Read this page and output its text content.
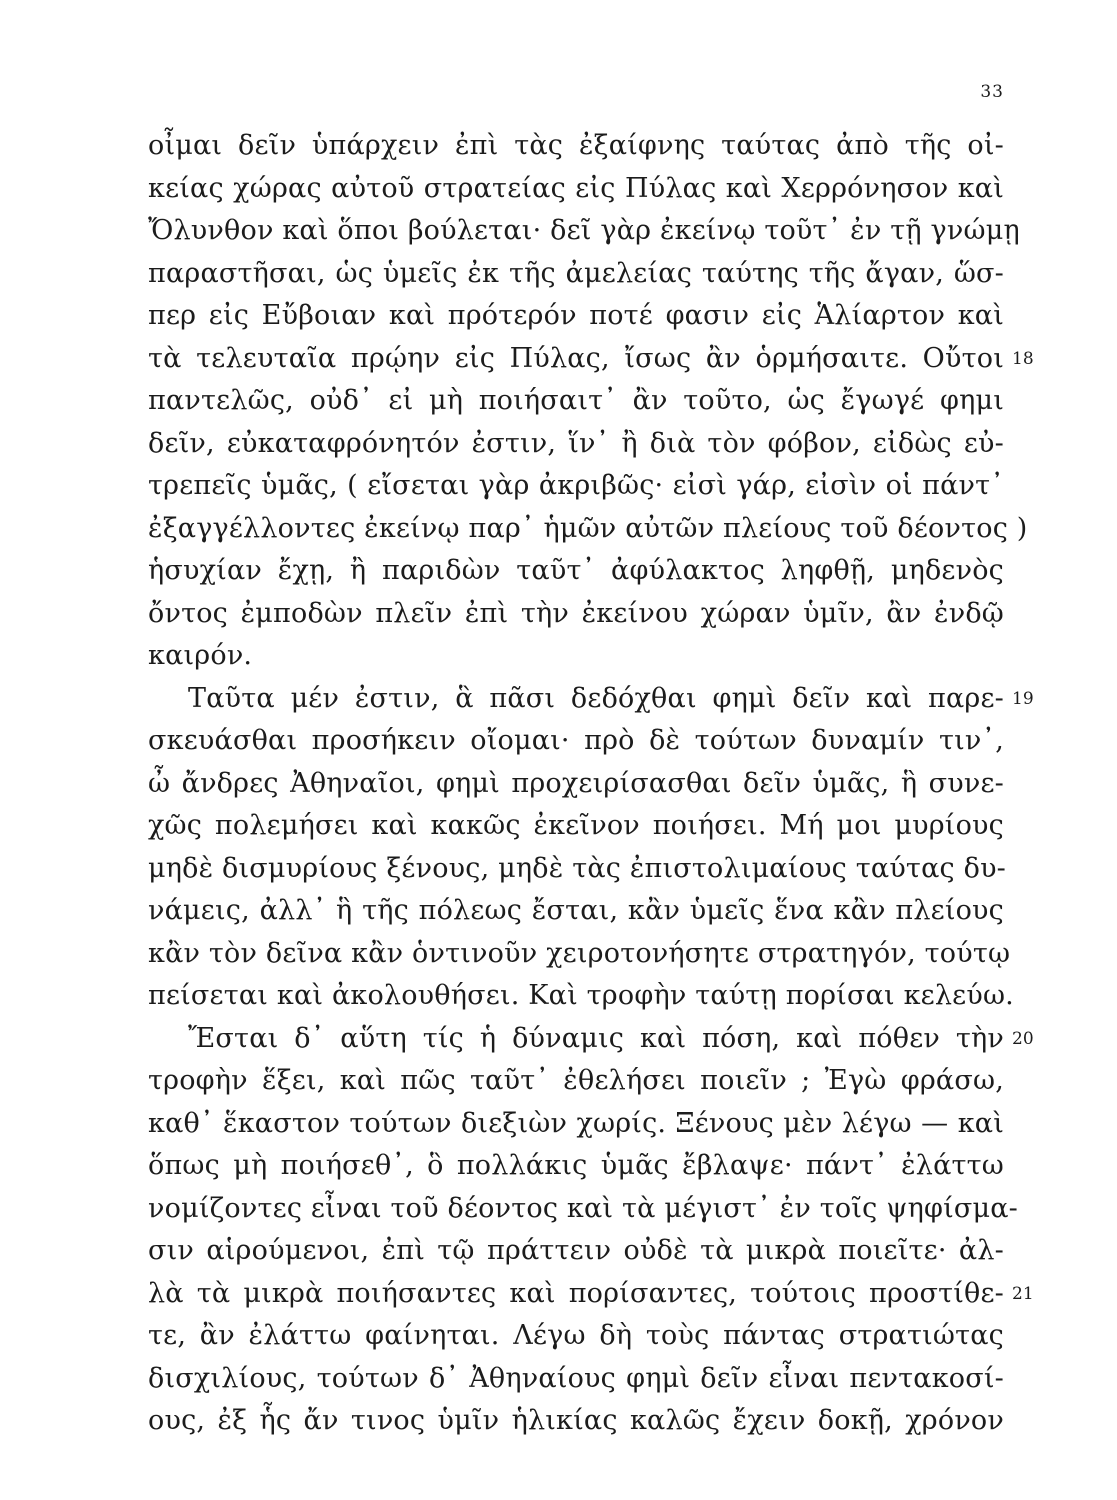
33
οἶμαι δεῖν ὑπάρχειν ἐπὶ τὰς ἐξαίφνης ταύτας ἀπὸ τῆς οἰ-
κείας χώρας αὐτοῦ στρατείας εἰς Πύλας καὶ Χερρόνησον καὶ
Ὄλυνθον καὶ ὅποι βούλεται· δεῖ γὰρ ἐκείνῳ τοῦτ᾽ ἐν τῇ γνώμῃ
παραστῆσαι, ὡς ὑμεῖς ἐκ τῆς ἀμελείας ταύτης τῆς ἄγαν, ὥσ-
περ εἰς Εὔβοιαν καὶ πρότερόν ποτέ φασιν εἰς Ἁλίαρτον καὶ
τὰ τελευταῖα πρῴην εἰς Πύλας, ἴσως ἂν ὁρμήσαιτε. Οὔτοι
παντελῶς, οὐδ᾽ εἰ μὴ ποιήσαιτ᾽ ἂν τοῦτο, ὡς ἔγωγέ φημι
δεῖν, εὐκαταφρόνητόν ἐστιν, ἵν᾽ ἢ διὰ τὸν φόβον, εἰδὼς εὐ-
τρεπεῖς ὑμᾶς, ( εἴσεται γὰρ ἀκριβῶς· εἰσὶ γάρ, εἰσὶν οἱ πάντ᾽
ἐξαγγέλλοντες ἐκείνῳ παρ᾽ ἡμῶν αὐτῶν πλείους τοῦ δέοντος )
ἡσυχίαν ἔχῃ, ἢ παριδὼν ταῦτ᾽ ἀφύλακτος ληφθῇ, μηδενὸς
ὄντος ἐμποδὼν πλεῖν ἐπὶ τὴν ἐκείνου χώραν ὑμῖν, ἂν ἐνδῷ
καιρόν.
Ταῦτα μέν ἐστιν, ἃ πᾶσι δεδόχθαι φημὶ δεῖν καὶ παρε-
σκευάσθαι προσήκειν οἴομαι· πρὸ δὲ τούτων δυναμίν τιν᾽,
ὦ ἄνδρες Ἀθηναῖοι, φημὶ προχειρίσασθαι δεῖν ὑμᾶς, ἣ συνε-
χῶς πολεμήσει καὶ κακῶς ἐκεῖνον ποιήσει. Μή μοι μυρίους
μηδὲ δισμυρίους ξένους, μηδὲ τὰς ἐπιστολιμαίους ταύτας δυ-
νάμεις, ἀλλ᾽ ἣ τῆς πόλεως ἔσται, κἂν ὑμεῖς ἕνα κἂν πλείους
κἂν τὸν δεῖνα κἂν ὁντινοῦν χειροτονήσητε στρατηγόν, τούτῳ
πείσεται καὶ ἀκολουθήσει. Καὶ τροφὴν ταύτῃ πορίσαι κελεύω.
Ἔσται δ᾽ αὕτη τίς ἡ δύναμις καὶ πόση, καὶ πόθεν τὴν
τροφὴν ἕξει, καὶ πῶς ταῦτ᾽ ἐθελήσει ποιεῖν ; Ἐγὼ φράσω,
καθ᾽ ἕκαστον τούτων διεξιὼν χωρίς. Ξένους μὲν λέγω — καὶ
ὅπως μὴ ποιήσεθ᾽, ὃ πολλάκις ὑμᾶς ἔβλαψε· πάντ᾽ ἐλάττω
νομίζοντες εἶναι τοῦ δέοντος καὶ τὰ μέγιστ᾽ ἐν τοῖς ψηφίσμα-
σιν αἱρούμενοι, ἐπὶ τῷ πράττειν οὐδὲ τὰ μικρὰ ποιεῖτε· ἀλ-
λὰ τὰ μικρὰ ποιήσαντες καὶ πορίσαντες, τούτοις προστίθε-
τε, ἂν ἐλάττω φαίνηται. Λέγω δὴ τοὺς πάντας στρατιώτας
δισχιλίους, τούτων δ᾽ Ἀθηναίους φημὶ δεῖν εἶναι πεντακοσί-
ους, ἐξ ἧς ἄν τινος ὑμῖν ἡλικίας καλῶς ἔχειν δοκῇ, χρόνον
18
19
20
21
